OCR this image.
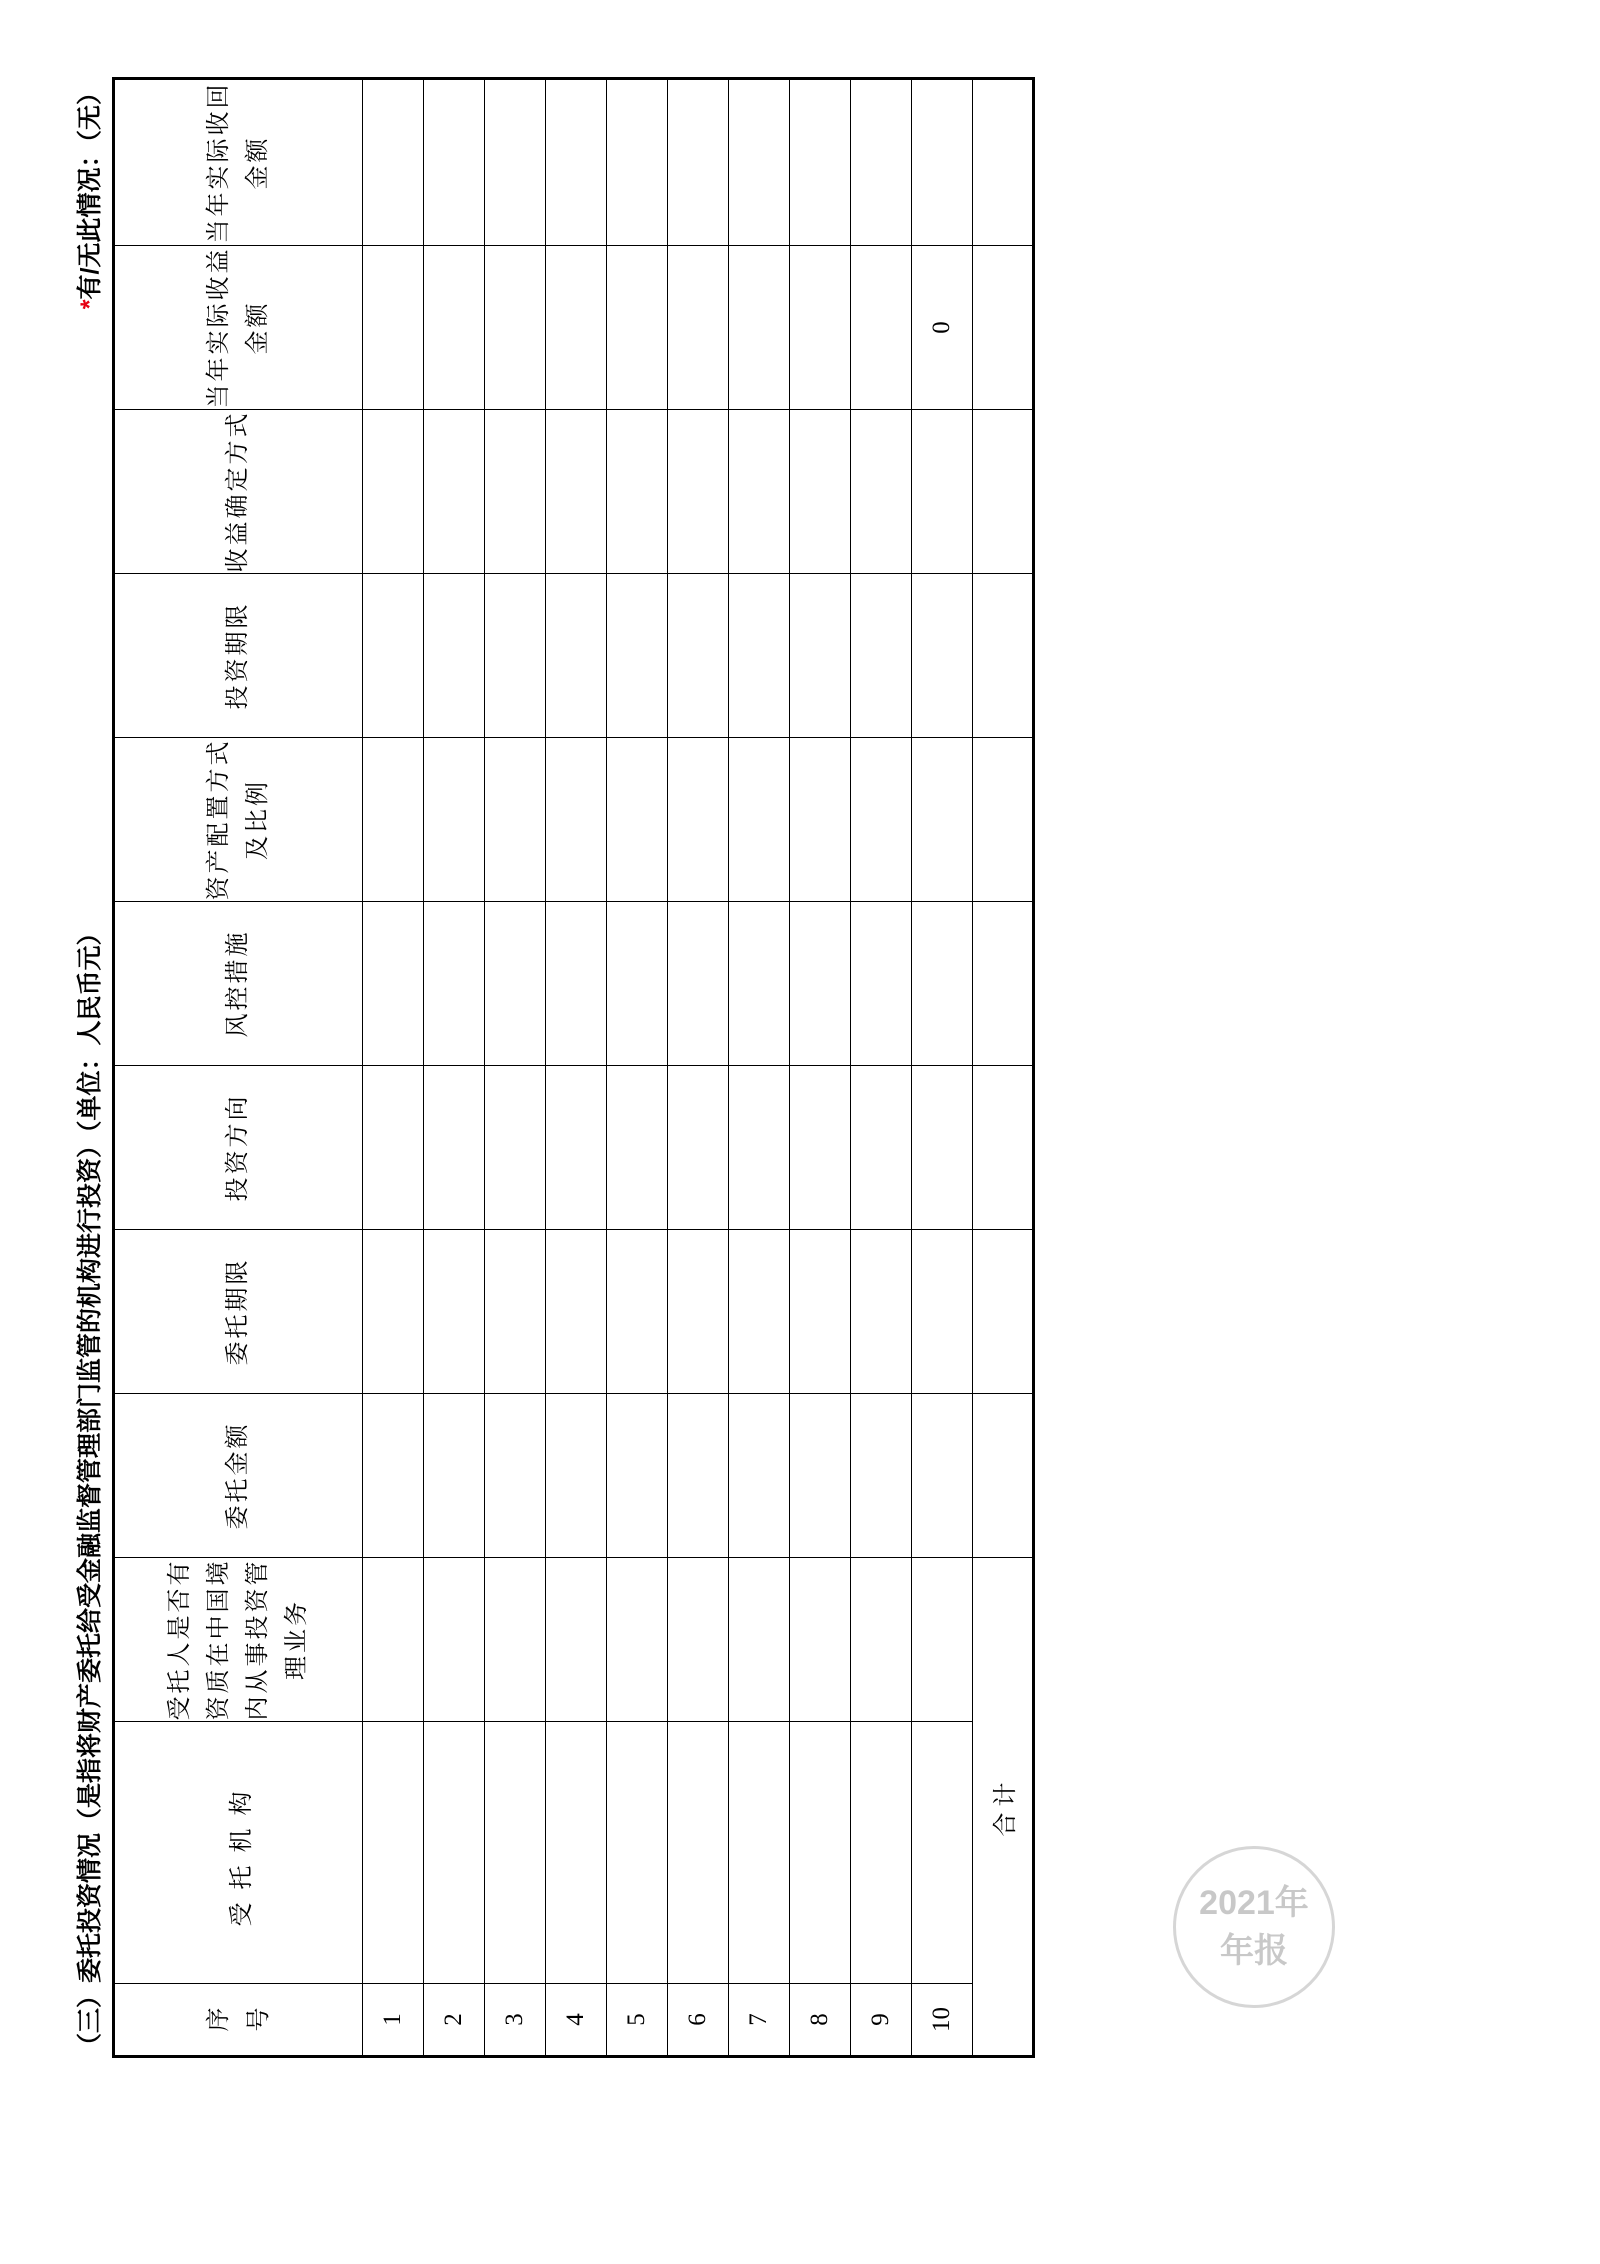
（三）委托投资情况（是指将财产委托给受金融监督管理部门监管的机构进行投资）（单位：人民币元）
*有/无此情况：（无）
序号	受托机构	受托人是否有资质在中国境内从事投资管理业务	委托金额	委托期限	投资方向	风控措施	资产配置方式及比例	投资期限	收益确定方式	当年实际收益金额	当年实际收回金额
1											
2											
3											
4											
5											
6											
7											
8											
9											
10										0	
合计											
2021年
年报
